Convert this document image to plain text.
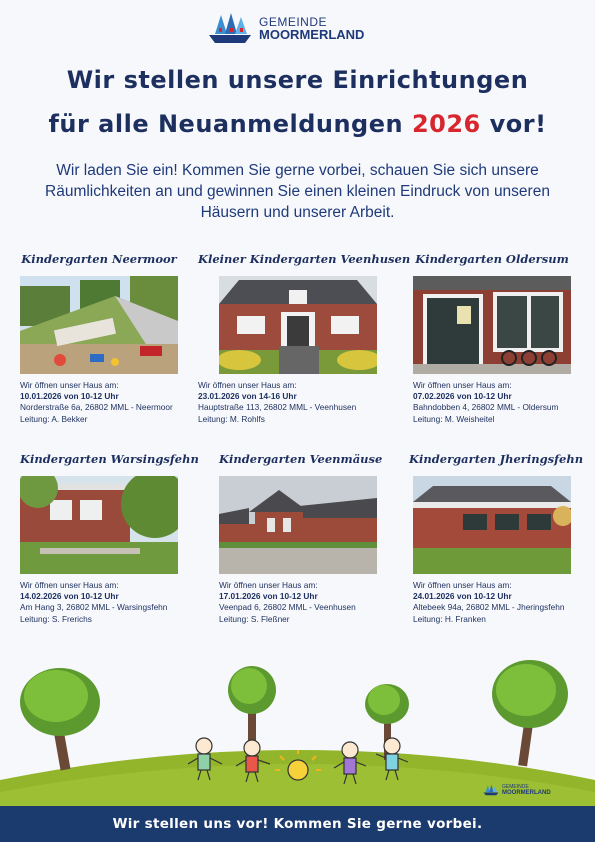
GEMEINDE
MOORMERLAND
Wir stellen unsere Einrichtungen
für alle Neuanmeldungen 2026 vor!
Wir laden Sie ein! Kommen Sie gerne vorbei, schauen Sie sich unsere Räumlichkeiten an und gewinnen Sie einen kleinen Eindruck von unseren Häusern und unserer Arbeit.
Kindergarten Neermoor
Wir öffnen unser Haus am:
10.01.2026 von 10-12 Uhr
Norderstraße 6a, 26802 MML - Neermoor
Leitung: A. Bekker
Kleiner Kindergarten Veenhusen
Wir öffnen unser Haus am:
23.01.2026 von 14-16 Uhr
Hauptstraße 113, 26802 MML - Veenhusen
Leitung: M. Rohlfs
Kindergarten Oldersum
Wir öffnen unser Haus am:
07.02.2026 von 10-12 Uhr
Bahndobben 4, 26802 MML - Oldersum
Leitung: M. Weisheitel
Kindergarten Warsingsfehn
Wir öffnen unser Haus am:
14.02.2026 von 10-12 Uhr
Am Hang 3, 26802 MML - Warsingsfehn
Leitung: S. Frerichs
Kindergarten Veenmäuse
Wir öffnen unser Haus am:
17.01.2026 von 10-12 Uhr
Veenpad 6, 26802 MML - Veenhusen
Leitung: S. Fleßner
Kindergarten Jheringsfehn
Wir öffnen unser Haus am:
24.01.2026 von 10-12 Uhr
Altebeek 94a, 26802 MML - Jheringsfehn
Leitung: H. Franken
GEMEINDE
MOORMERLAND
Wir stellen uns vor! Kommen Sie gerne vorbei.
